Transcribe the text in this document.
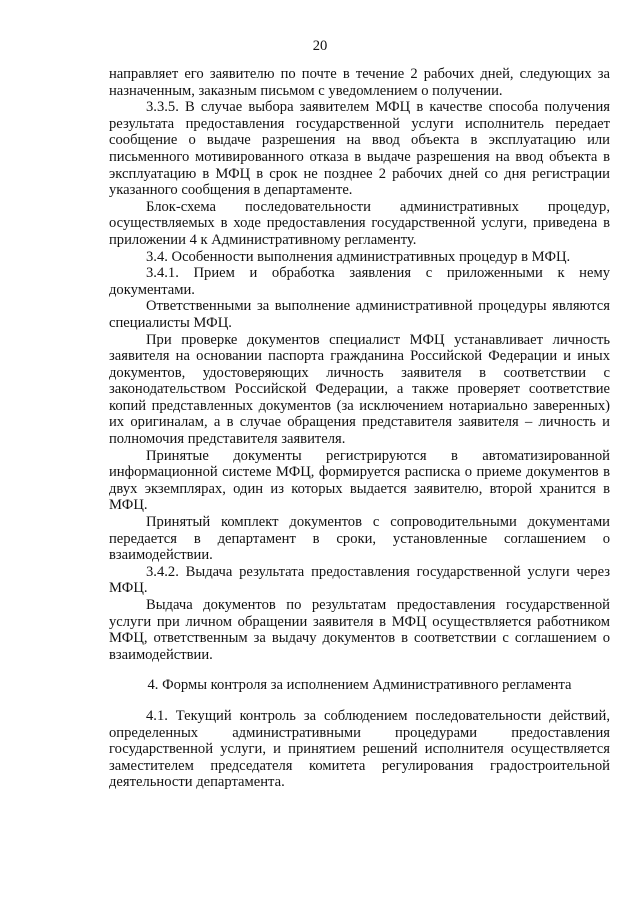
20

направляет его заявителю по почте в течение 2 рабочих дней, следующих за назначенным, заказным письмом с уведомлением о получении.

3.3.5. В случае выбора заявителем МФЦ в качестве способа получения результата предоставления государственной услуги исполнитель передает сообщение о выдаче разрешения на ввод объекта в эксплуатацию или письменного мотивированного отказа в выдаче разрешения на ввод объекта в эксплуатацию в МФЦ в срок не позднее 2 рабочих дней со дня регистрации указанного сообщения в департаменте.

Блок-схема последовательности административных процедур, осуществляемых в ходе предоставления государственной услуги, приведена в приложении 4 к Административному регламенту.

3.4. Особенности выполнения административных процедур в МФЦ.

3.4.1. Прием и обработка заявления с приложенными к нему документами.

Ответственными за выполнение административной процедуры являются специалисты МФЦ.

При проверке документов специалист МФЦ устанавливает личность заявителя на основании паспорта гражданина Российской Федерации и иных документов, удостоверяющих личность заявителя в соответствии с законодательством Российской Федерации, а также проверяет соответствие копий представленных документов (за исключением нотариально заверенных) их оригиналам, а в случае обращения представителя заявителя – личность и полномочия представителя заявителя.

Принятые документы регистрируются в автоматизированной информационной системе МФЦ, формируется расписка о приеме документов в двух экземплярах, один из которых выдается заявителю, второй хранится в МФЦ.

Принятый комплект документов с сопроводительными документами передается в департамент в сроки, установленные соглашением о взаимодействии.

3.4.2. Выдача результата предоставления государственной услуги через МФЦ.

Выдача документов по результатам предоставления государственной услуги при личном обращении заявителя в МФЦ осуществляется работником МФЦ, ответственным за выдачу документов в соответствии с соглашением о взаимодействии.

4. Формы контроля за исполнением Административного регламента

4.1. Текущий контроль за соблюдением последовательности действий, определенных административными процедурами предоставления государственной услуги, и принятием решений исполнителя осуществляется заместителем председателя комитета регулирования градостроительной деятельности департамента.
